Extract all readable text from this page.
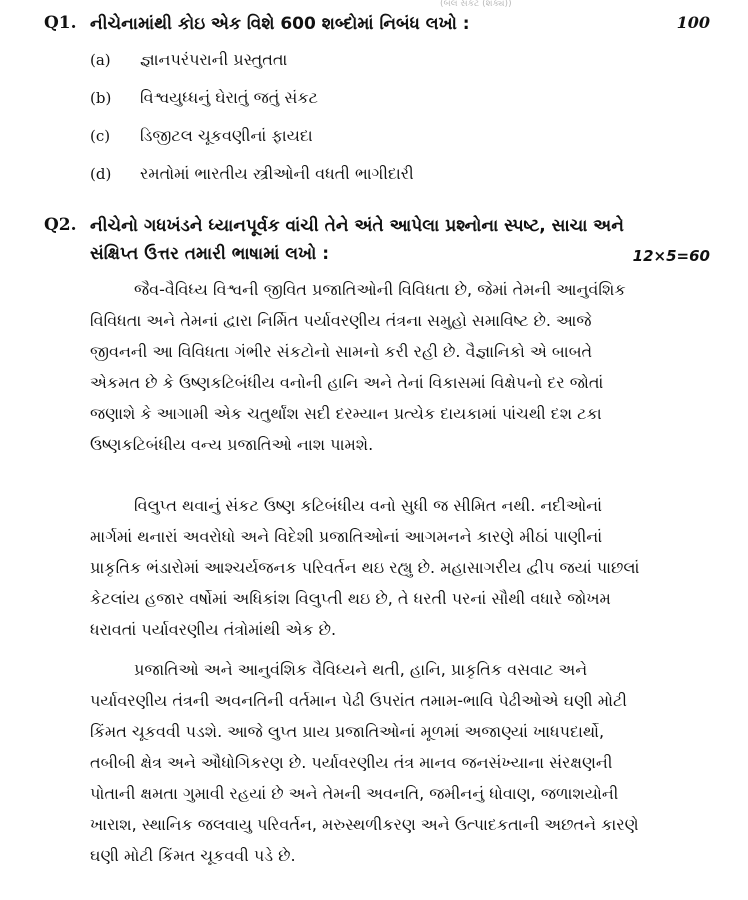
(બલ સંકટ (શક્ય))
Q1. નીચેનામાંથી કોઇ એક વિશે 600 શબ્દોમાં નિબંધ લખો :	100
(a) જ્ઞાનપરંપરાની પ્રસ્તુતતા
(b) વિશ્વયુધ્ધનું ઘેરાતું જતું સંકટ
(c) ડિજીટલ ચૂકવણીનાં ફાયદા
(d) રમતોમાં ભારતીય સ્ત્રીઓની વધતી ભાગીદારી
Q2. નીચેનો ગધખંડને ધ્યાનપૂર્વક વાંચી તેને અંતે આપેલા પ્રશ્નોના સ્પષ્ટ, સાચા અને
સંક્ષિપ્ત ઉત્તર તમારી ભાષામાં લખો :	12×5=60
જૈવ-વૈવિધ્ય વિશ્વની જીવિત પ્રજાતિઓની વિવિધતા છે, જેમાં તેમની આનુવંશિક
વિવિધતા અને તેમનાં દ્વારા નિર્મિત પર્યાવરણીય તંત્રના સમુહો સમાવિષ્ટ છે. આજે
જીવનની આ વિવિધતા ગંભીર સંકટોનો સામનો કરી રહી છે. વૈજ્ઞાનિકો એ બાબતે
એકમત છે કે ઉષ્ણકટિબંધીય વનોની હાનિ અને તેનાં વિકાસમાં વિક્ષેપનો દર જોતાં
જણાશે કે આગામી એક ચતુર્થાંશ સદી દરમ્યાન પ્રત્યેક દાયકામાં પાંચથી દશ ટકા
ઉષ્ણકટિબંધીય વન્ય પ્રજાતિઓ નાશ પામશે.
વિલુપ્ત થવાનું સંકટ ઉષ્ણ કટિબંધીય વનો સુધી જ સીમિત નથી. નદીઓનાં
માર્ગમાં થનારાં અવરોધો અને વિદેશી પ્રજાતિઓનાં આગમનને કારણે મીઠાં પાણીનાં
પ્રાકૃતિક ભંડારોમાં આશ્ચર્યજનક પરિવર્તન થઇ રહ્યુ છે. મહાસાગરીય દ્વીપ જયાં પાછલાં
કેટલાંય હજાર વર્ષોમાં અધિકાંશ વિલુપ્તી થઇ છે, તે ધરતી પરનાં સૌથી વધારે જોખમ
ધરાવતાં પર્યાવરણીય તંત્રોમાંથી એક છે.
પ્રજાતિઓ અને આનુવંશિક વૈવિધ્યને થતી, હાનિ, પ્રાકૃતિક વસવાટ અને
પર્યાવરણીય તંત્રની અવનતિની વર્તમાન પેઢી ઉપરાંત તમામ-ભાવિ પેઢીઓએ ઘણી મોટી
કિંમત ચૂકવવી પડશે. આજે લુપ્ત પ્રાય પ્રજાતિઓનાં મૂળમાં અજાણ્યાં ખાધપદાર્થો,
તબીબી ક્ષેત્ર અને ઔધોગિકરણ છે. પર્યાવરણીય તંત્ર માનવ જનસંખ્યાના સંરક્ષણની
પોતાની ક્ષમતા ગુમાવી રહયાં છે અને તેમની અવનતિ, જમીનનું ધોવાણ, જળાશયોની
ખારાશ, સ્થાનિક જલવાયુ પરિવર્તન, મરુસ્થળીકરણ અને ઉત્પાદકતાની અછતને કારણે
ઘણી મોટી કિંમત ચૂકવવી પડે છે.
